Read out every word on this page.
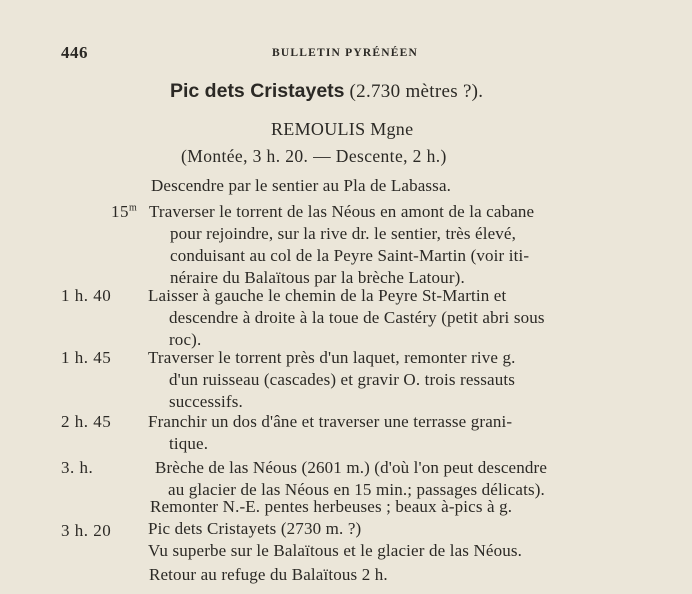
446	BULLETIN PYRÉNÉEN
Pic dets Cristayets (2.730 mètres ?).
REMOULIS Mgne
(Montée, 3 h. 20. — Descente, 2 h.)
Descendre par le sentier au Pla de Labassa.
15$^m$ Traverser le torrent de las Néous en amont de la cabane
pour rejoindre, sur la rive dr. le sentier, très élevé,
conduisant au col de la Peyre Saint-Martin (voir iti-
néraire du Balaïtous par la brèche Latour).
1 h. 40 Laisser à gauche le chemin de la Peyre St-Martin et
descendre à droite à la toue de Castéry (petit abri sous
roc).
1 h. 45 Traverser le torrent près d'un laquet, remonter rive g.
d'un ruisseau (cascades) et gravir O. trois ressauts
successifs.
2 h. 45 Franchir un dos d'âne et traverser une terrasse grani-
tique.
3. h.	Brèche de las Néous (2601 m.) (d'où l'on peut descendre
au glacier de las Néous en 15 min.; passages délicats).
Remonter N.-E. pentes herbeuses ; beaux à-pics à g.
3 h. 20 Pic dets Cristayets (2730 m. ?)
Vu superbe sur le Balaïtous et le glacier de las Néous.
Retour au refuge du Balaïtous 2 h.
